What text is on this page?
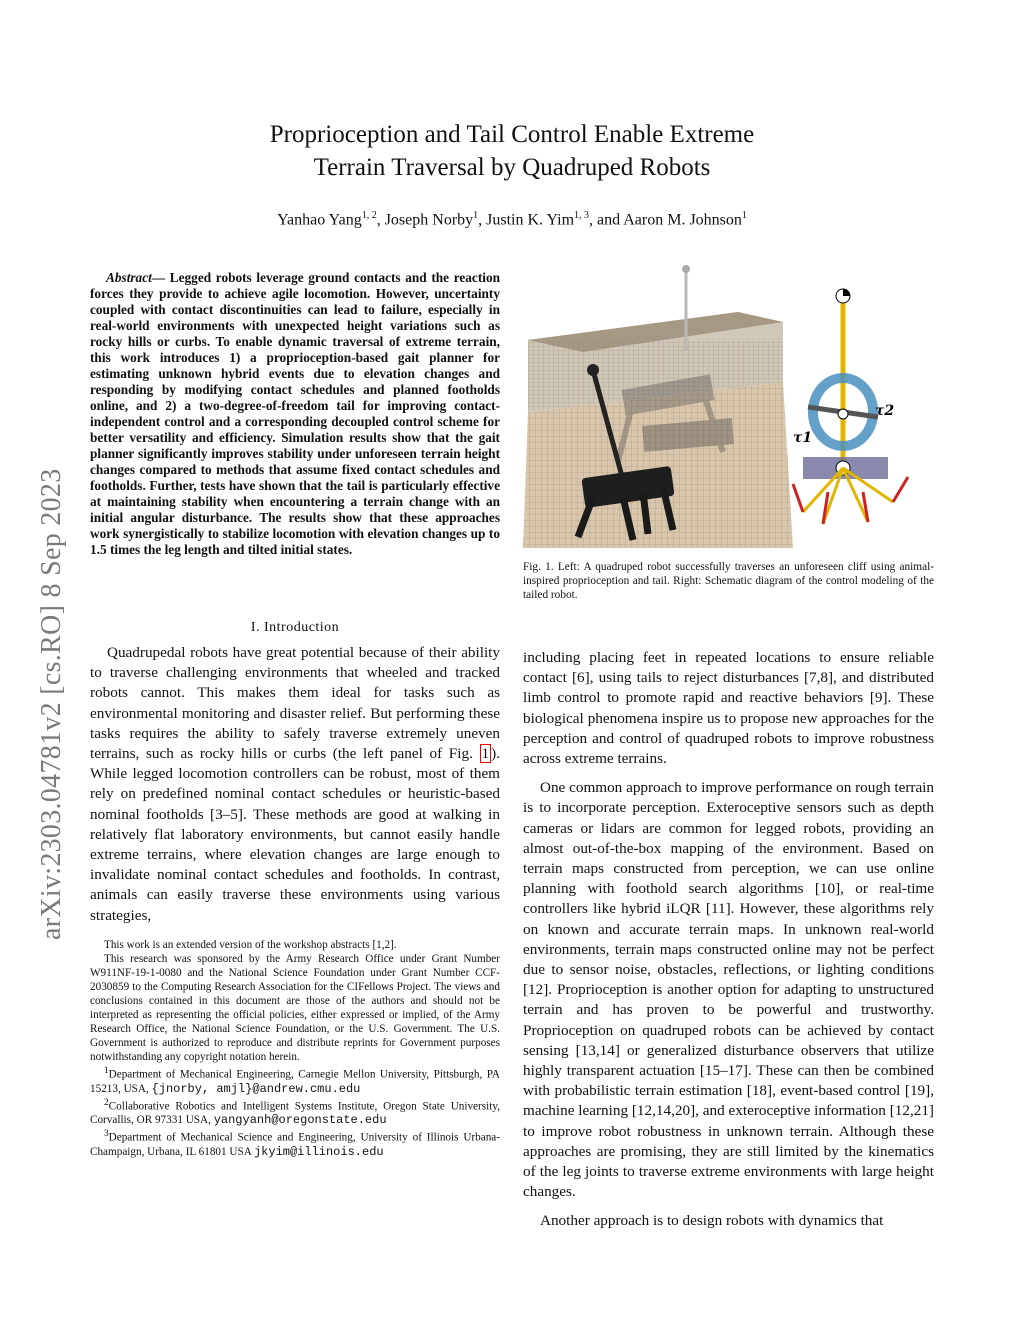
Proprioception and Tail Control Enable Extreme
Terrain Traversal by Quadruped Robots
Yanhao Yang$^{1, 2}$, Joseph Norby$^1$, Justin K. Yim$^{1, 3}$, and Aaron M. Johnson$^1$
arXiv:2303.04781v2 [cs.RO] 8 Sep 2023
Abstract— Legged robots leverage ground contacts and the reaction forces they provide to achieve agile locomotion. However, uncertainty coupled with contact discontinuities can lead to failure, especially in real-world environments with unexpected height variations such as rocky hills or curbs. To enable dynamic traversal of extreme terrain, this work introduces 1) a proprioception-based gait planner for estimating unknown hybrid events due to elevation changes and responding by modifying contact schedules and planned footholds online, and 2) a two-degree-of-freedom tail for improving contact-independent control and a corresponding decoupled control scheme for better versatility and efficiency. Simulation results show that the gait planner significantly improves stability under unforeseen terrain height changes compared to methods that assume fixed contact schedules and footholds. Further, tests have shown that the tail is particularly effective at maintaining stability when encountering a terrain change with an initial angular disturbance. The results show that these approaches work synergistically to stabilize locomotion with elevation changes up to 1.5 times the leg length and tilted initial states.
I. Introduction

Quadrupedal robots have great potential because of their ability to traverse challenging environments that wheeled and tracked robots cannot. This makes them ideal for tasks such as environmental monitoring and disaster relief. But performing these tasks requires the ability to safely traverse extremely uneven terrains, such as rocky hills or curbs (the left panel of Fig. 1 ). While legged locomotion controllers can be robust, most of them rely on predefined nominal contact schedules or heuristic-based nominal footholds [3–5]. These methods are good at walking in relatively flat laboratory environments, but cannot easily handle extreme terrains, where elevation changes are large enough to invalidate nominal contact schedules and footholds. In contrast, animals can easily traverse these environments using various strategies,

This work is an extended version of the workshop abstracts [1,2].

This research was sponsored by the Army Research Office under Grant Number W911NF-19-1-0080 and the National Science Foundation under Grant Number CCF-2030859 to the Computing Research Association for the CIFellows Project. The views and conclusions contained in this document are those of the authors and should not be interpreted as representing the official policies, either expressed or implied, of the Army Research Office, the National Science Foundation, or the U.S. Government. The U.S. Government is authorized to reproduce and distribute reprints for Government purposes notwithstanding any copyright notation herein.

$^1$Department of Mechanical Engineering, Carnegie Mellon University, Pittsburgh, PA 15213, USA, {jnorby, amjl}@andrew.cmu.edu

$^2$Collaborative Robotics and Intelligent Systems Institute, Oregon State University, Corvallis, OR 97331 USA, yangyanh@oregonstate.edu

$^3$Department of Mechanical Science and Engineering, University of Illinois Urbana-Champaign, Urbana, IL 61801 USA jkyim@illinois.edu

τ2
τ1
Fig. 1. Left: A quadruped robot successfully traverses an unforeseen cliff using animal-inspired proprioception and tail. Right: Schematic diagram of the control modeling of the tailed robot.

including placing feet in repeated locations to ensure reliable contact [6], using tails to reject disturbances [7,8], and distributed limb control to promote rapid and reactive behaviors [9]. These biological phenomena inspire us to propose new approaches for the perception and control of quadruped robots to improve robustness across extreme terrains.

One common approach to improve performance on rough terrain is to incorporate perception. Exteroceptive sensors such as depth cameras or lidars are common for legged robots, providing an almost out-of-the-box mapping of the environment. Based on terrain maps constructed from perception, we can use online planning with foothold search algorithms [10], or real-time controllers like hybrid iLQR [11]. However, these algorithms rely on known and accurate terrain maps. In unknown real-world environments, terrain maps constructed online may not be perfect due to sensor noise, obstacles, reflections, or lighting conditions [12]. Proprioception is another option for adapting to unstructured terrain and has proven to be powerful and trustworthy. Proprioception on quadruped robots can be achieved by contact sensing [13,14] or generalized disturbance observers that utilize highly transparent actuation [15–17]. These can then be combined with probabilistic terrain estimation [18], event-based control [19], machine learning [12,14,20], and exteroceptive information [12,21] to improve robot robustness in unknown terrain. Although these approaches are promising, they are still limited by the kinematics of the leg joints to traverse extreme environments with large height changes.

Another approach is to design robots with dynamics that
